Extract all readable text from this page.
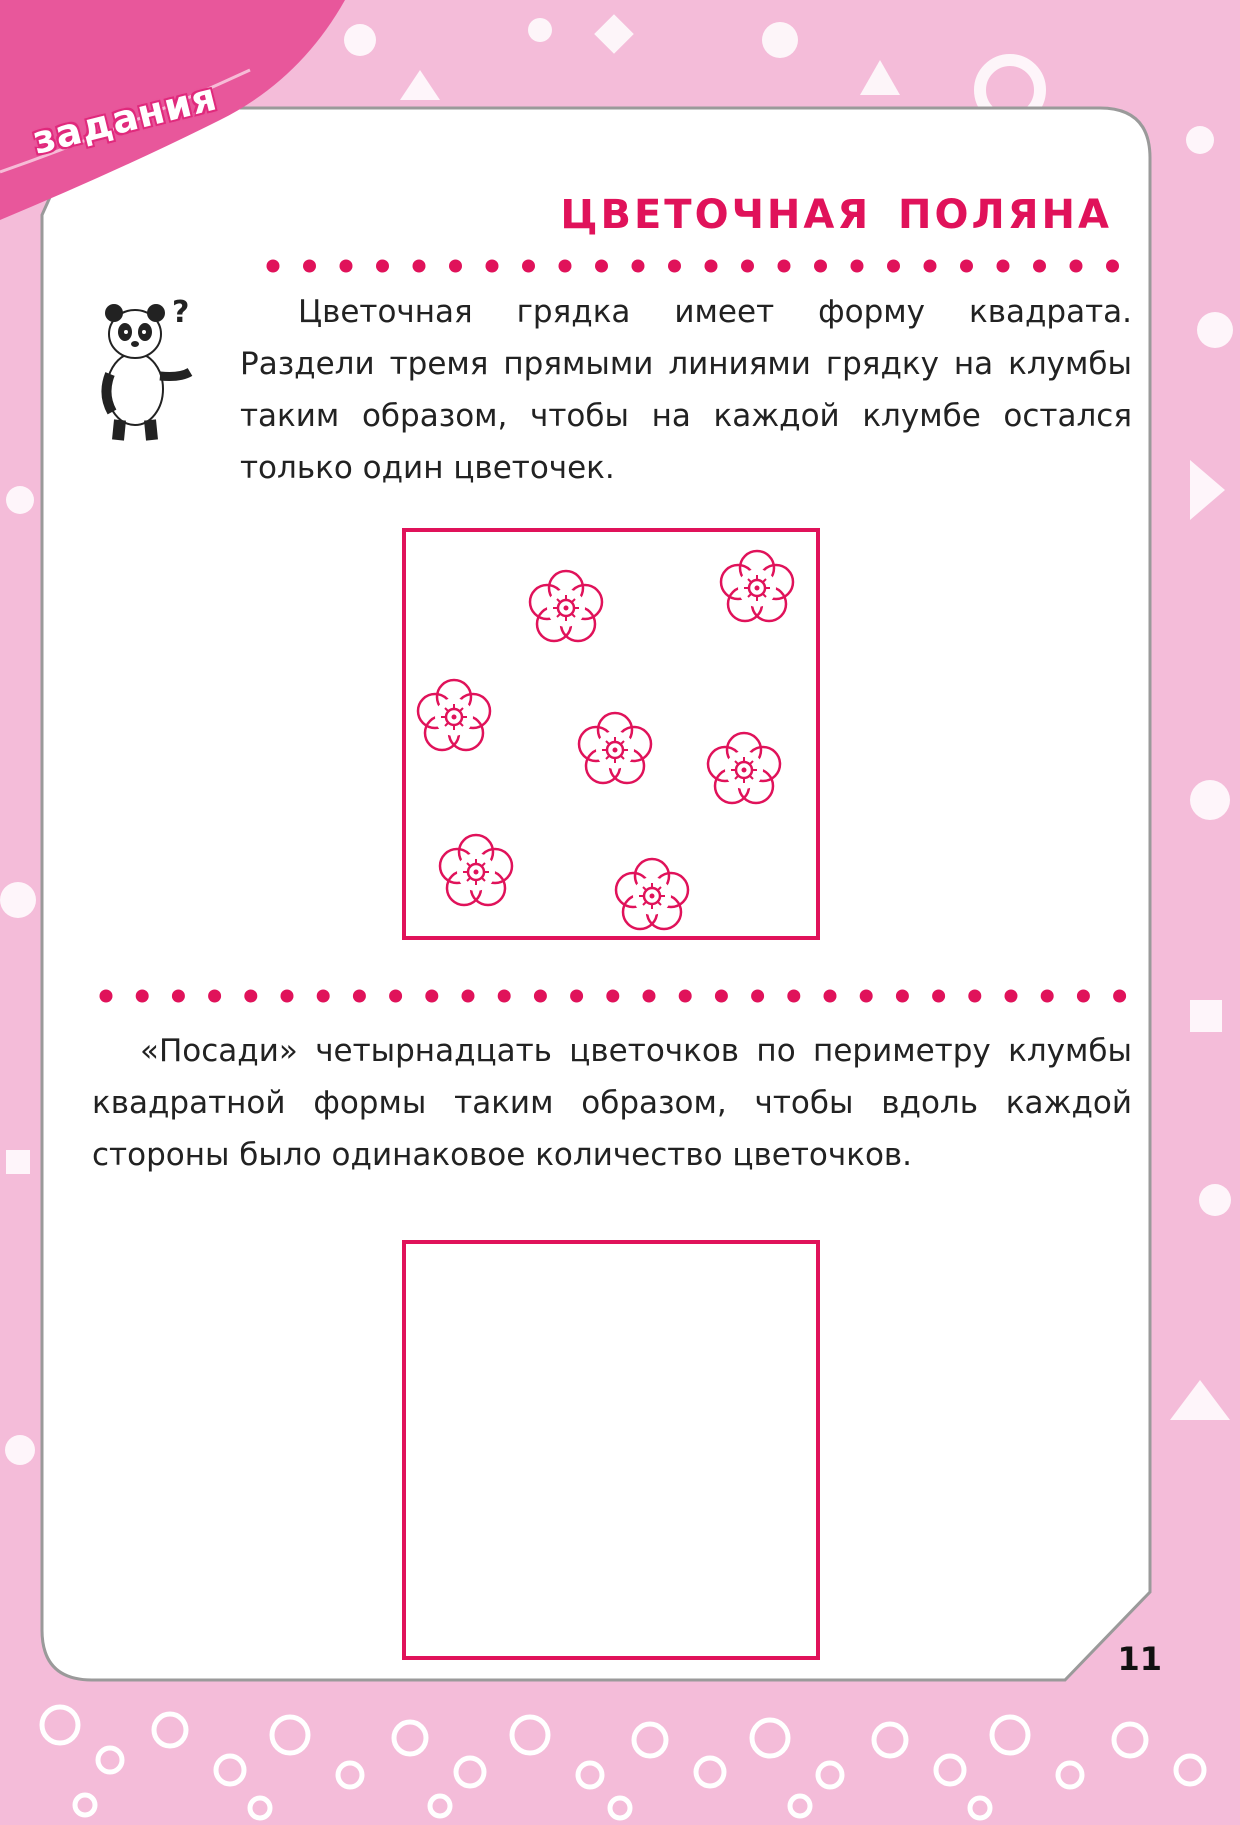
задания
ЦВЕТОЧНАЯ ПОЛЯНА
?	Цветочная грядка имеет форму квадрата. Раздели тремя прямыми линиями грядку на клумбы таким образом, чтобы на каждой клумбе остался только один цветочек.

«Посади» четырнадцать цветочков по периметру клумбы квадратной формы таким образом, чтобы вдоль каждой стороны было одинаковое количество цветочков.

11
